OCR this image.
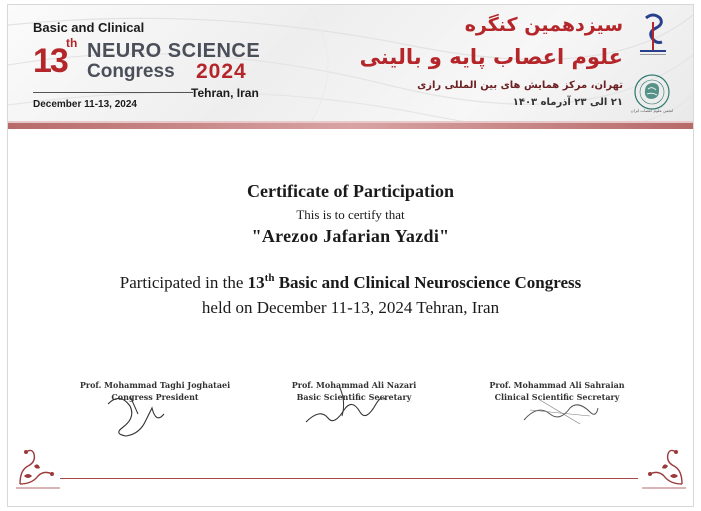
Basic and Clinical
13 th NEURO SCIENCE
Congress 2024
Tehran, Iran
December 11-13, 2024
سیزدهمین کنگره
علوم اعصاب پایه و بالینی
تهران، مرکز همایش های بین المللی رازی
۲۱ الی ۲۳ آذرماه ۱۴۰۳
انجمن علوم اعصاب ایران
Certificate of Participation
This is to certify that
"Arezoo Jafarian Yazdi"
Participated in the 13th Basic and Clinical Neuroscience Congress
held on December 11-13, 2024 Tehran, Iran
Prof. Mohammad Taghi Joghataei
Congress President
Prof. Mohammad Ali Nazari
Basic Scientific Secretary
Prof. Mohammad Ali Sahraian
Clinical Scientific Secretary
